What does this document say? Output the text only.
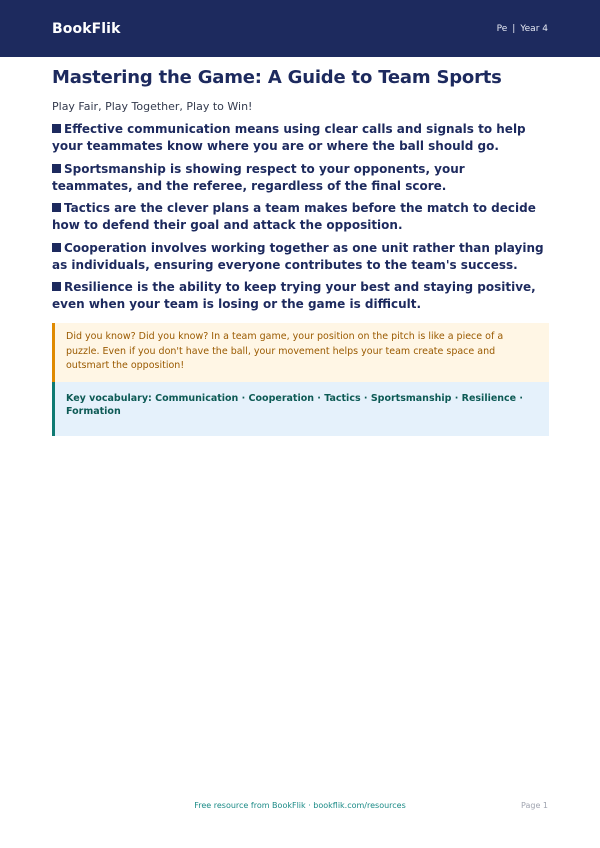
BookFlik	Pe | Year 4
Mastering the Game: A Guide to Team Sports

Play Fair, Play Together, Play to Win!

Effective communication means using clear calls and signals to help your teammates know where you are or where the ball should go.
Sportsmanship is showing respect to your opponents, your teammates, and the referee, regardless of the final score.
Tactics are the clever plans a team makes before the match to decide how to defend their goal and attack the opposition.
Cooperation involves working together as one unit rather than playing as individuals, ensuring everyone contributes to the team's success.
Resilience is the ability to keep trying your best and staying positive, even when your team is losing or the game is difficult.
Did you know? Did you know? In a team game, your position on the pitch is like a piece of a puzzle. Even if you don't have the ball, your movement helps your team create space and outsmart the opposition!
Key vocabulary: Communication · Cooperation · Tactics · Sportsmanship · Resilience · Formation
Free resource from BookFlik · bookflik.com/resources	Page 1
